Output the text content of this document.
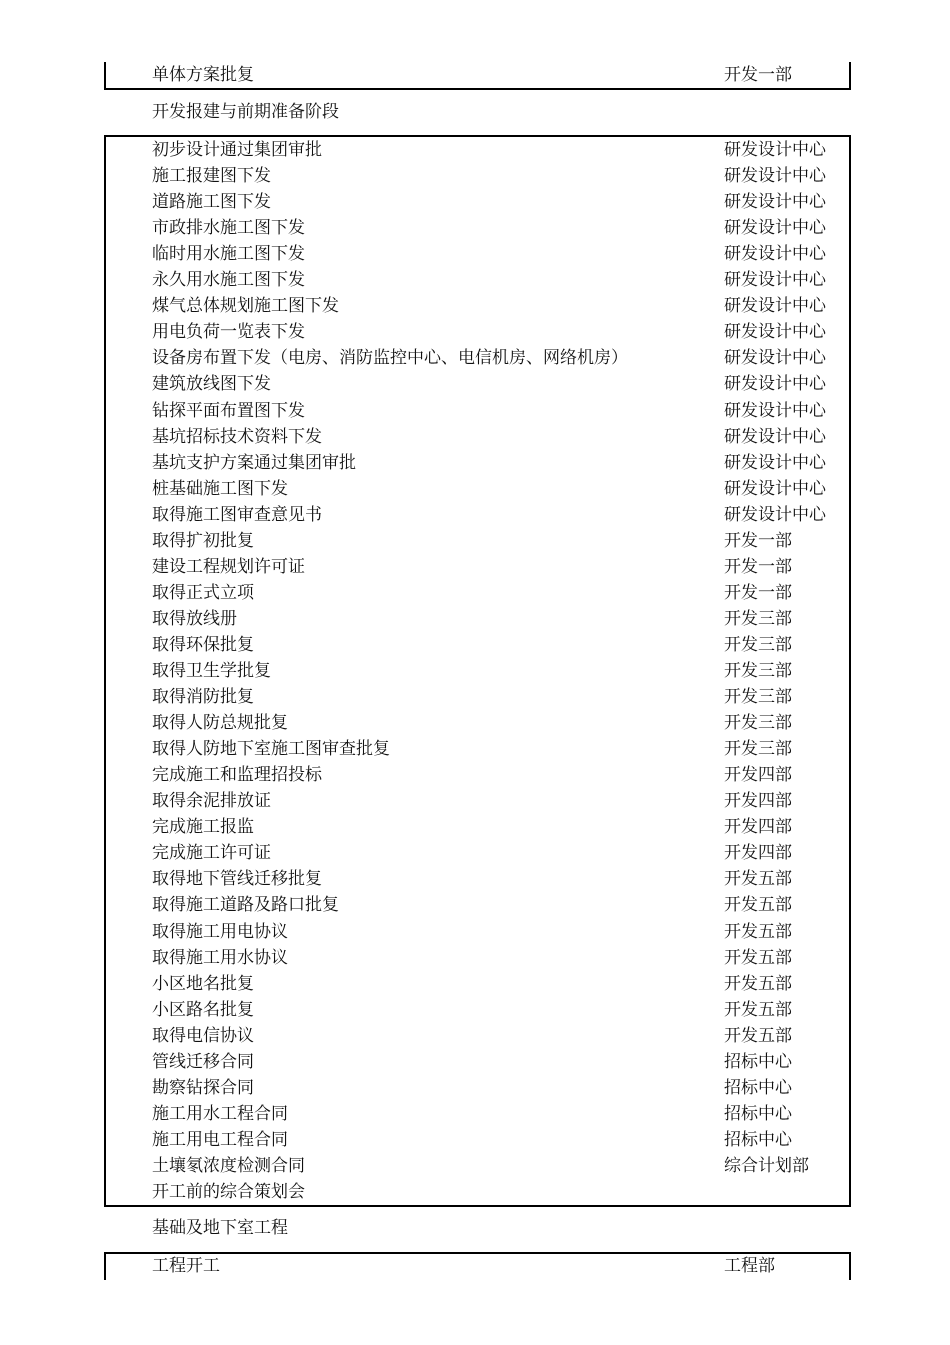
单体方案批复	开发一部
开发报建与前期准备阶段
初步设计通过集团审批	研发设计中心
施工报建图下发	研发设计中心
道路施工图下发	研发设计中心
市政排水施工图下发	研发设计中心
临时用水施工图下发	研发设计中心
永久用水施工图下发	研发设计中心
煤气总体规划施工图下发	研发设计中心
用电负荷一览表下发	研发设计中心
设备房布置下发（电房、消防监控中心、电信机房、网络机房）	研发设计中心
建筑放线图下发	研发设计中心
钻探平面布置图下发	研发设计中心
基坑招标技术资料下发	研发设计中心
基坑支护方案通过集团审批	研发设计中心
桩基础施工图下发	研发设计中心
取得施工图审查意见书	研发设计中心
取得扩初批复	开发一部
建设工程规划许可证	开发一部
取得正式立项	开发一部
取得放线册	开发三部
取得环保批复	开发三部
取得卫生学批复	开发三部
取得消防批复	开发三部
取得人防总规批复	开发三部
取得人防地下室施工图审查批复	开发三部
完成施工和监理招投标	开发四部
取得余泥排放证	开发四部
完成施工报监	开发四部
完成施工许可证	开发四部
取得地下管线迁移批复	开发五部
取得施工道路及路口批复	开发五部
取得施工用电协议	开发五部
取得施工用水协议	开发五部
小区地名批复	开发五部
小区路名批复	开发五部
取得电信协议	开发五部
管线迁移合同	招标中心
勘察钻探合同	招标中心
施工用水工程合同	招标中心
施工用电工程合同	招标中心
土壤氡浓度检测合同	综合计划部
开工前的综合策划会
基础及地下室工程
工程开工	工程部
